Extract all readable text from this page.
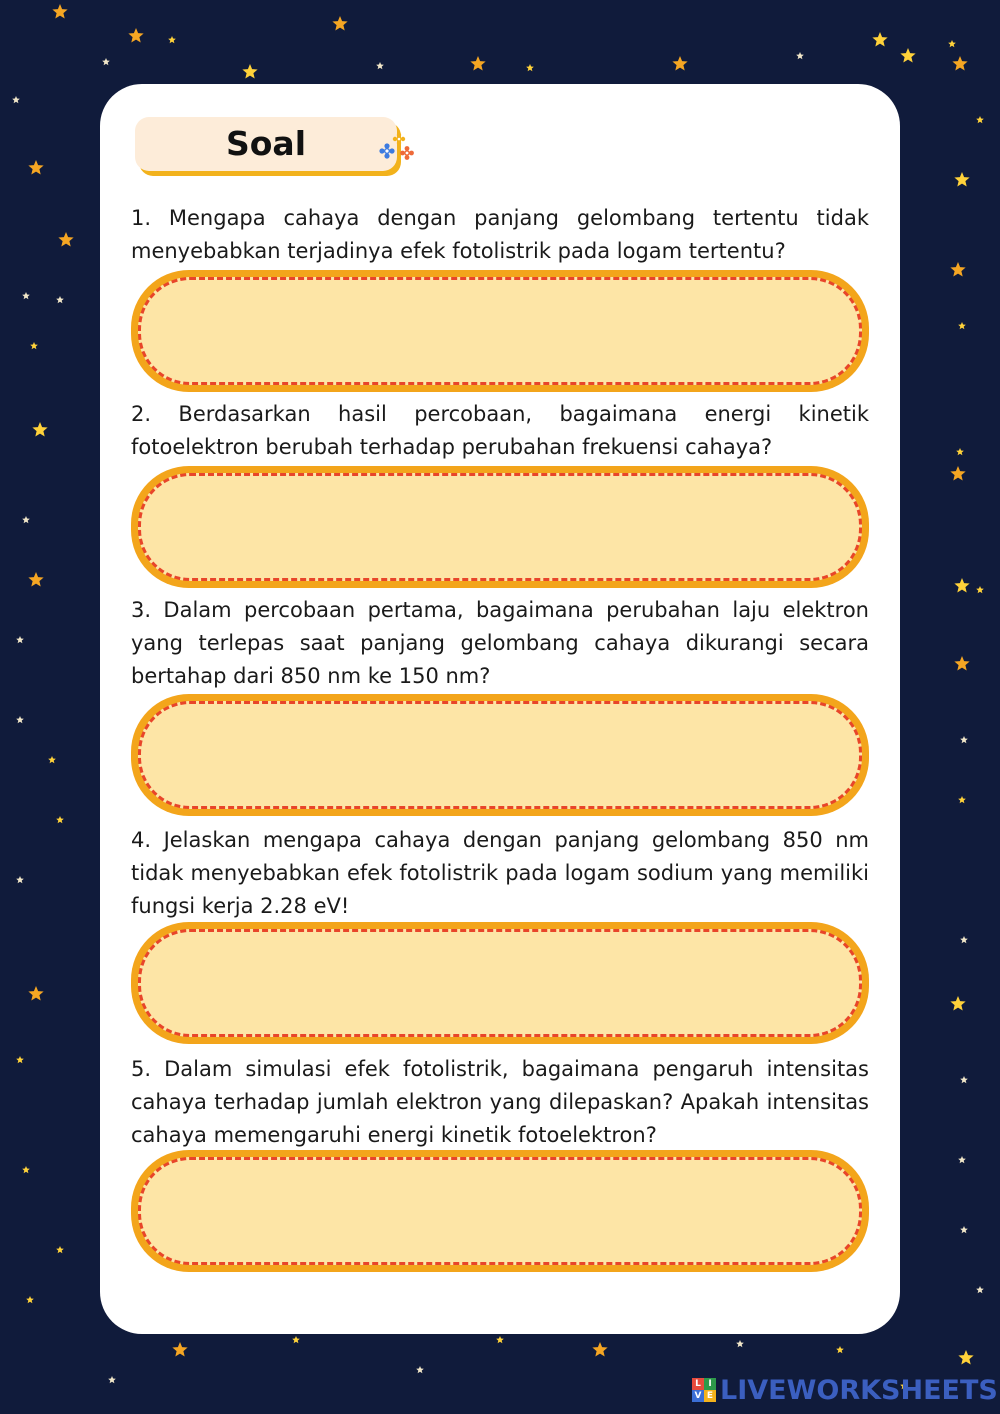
Soal
1. Mengapa cahaya dengan panjang gelombang tertentu tidak menyebabkan terjadinya efek fotolistrik pada logam tertentu?
2. Berdasarkan hasil percobaan, bagaimana energi kinetik fotoelektron berubah terhadap perubahan frekuensi cahaya?
3. Dalam percobaan pertama, bagaimana perubahan laju elektron yang terlepas saat panjang gelombang cahaya dikurangi secara bertahap dari 850 nm ke 150 nm?
4. Jelaskan mengapa cahaya dengan panjang gelombang 850 nm tidak menyebabkan efek fotolistrik pada logam sodium yang memiliki fungsi kerja 2.28 eV!
5. Dalam simulasi efek fotolistrik, bagaimana pengaruh intensitas cahaya terhadap jumlah elektron yang dilepaskan? Apakah intensitas cahaya memengaruhi energi kinetik fotoelektron?
L I
V E LIVEWORKSHEETS
